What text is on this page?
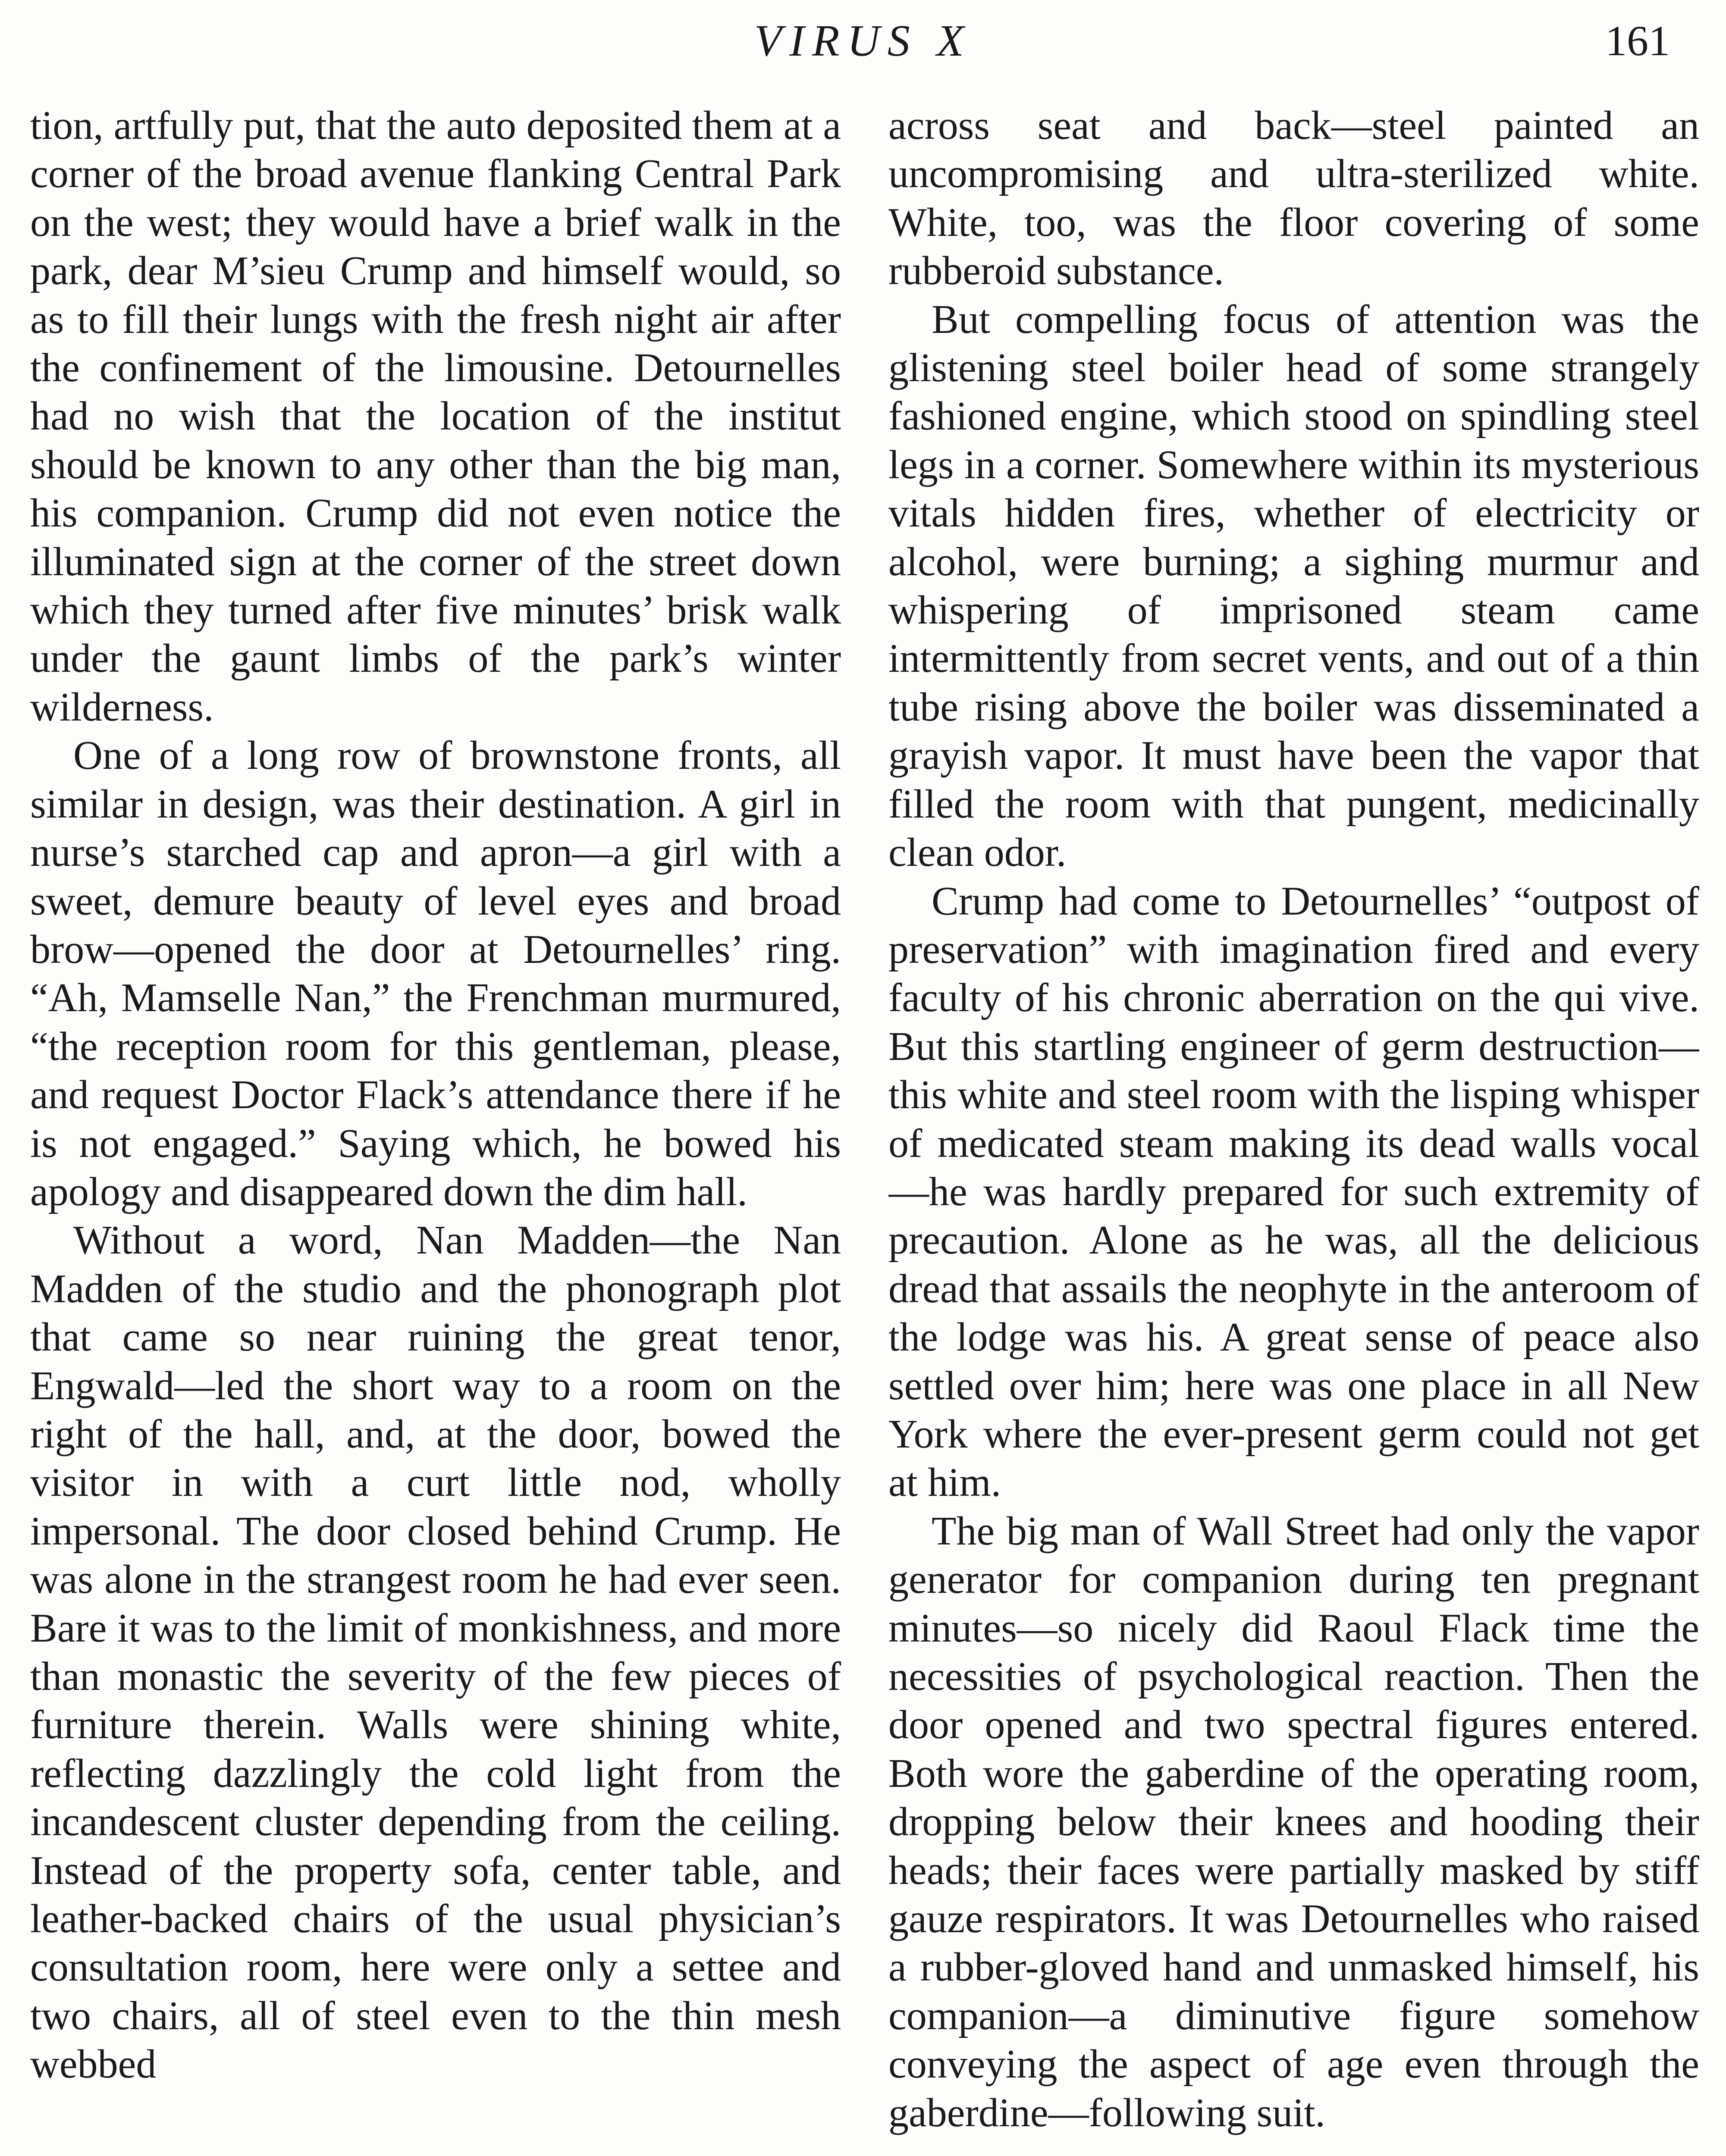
VIRUS X	161

tion, artfully put, that the auto deposited them at a corner of the broad avenue flanking Central Park on the west; they would have a brief walk in the park, dear M’sieu Crump and himself would, so as to fill their lungs with the fresh night air after the confinement of the limousine. Detournelles had no wish that the location of the institut should be known to any other than the big man, his companion. Crump did not even notice the illuminated sign at the corner of the street down which they turned after five minutes’ brisk walk under the gaunt limbs of the park’s winter wilderness.

One of a long row of brownstone fronts, all similar in design, was their destination. A girl in nurse’s starched cap and apron—a girl with a sweet, demure beauty of level eyes and broad brow—opened the door at Detournelles’ ring. “Ah, Mamselle Nan,” the Frenchman murmured, “the reception room for this gentleman, please, and request Doctor Flack’s attendance there if he is not engaged.” Saying which, he bowed his apology and disappeared down the dim hall.

Without a word, Nan Madden—the Nan Madden of the studio and the phonograph plot that came so near ruining the great tenor, Engwald—led the short way to a room on the right of the hall, and, at the door, bowed the visitor in with a curt little nod, wholly impersonal. The door closed behind Crump. He was alone in the strangest room he had ever seen. Bare it was to the limit of monkishness, and more than monastic the severity of the few pieces of furniture therein. Walls were shining white, reflecting dazzlingly the cold light from the incandescent cluster depending from the ceiling. Instead of the property sofa, center table, and leather-backed chairs of the usual physician’s consultation room, here were only a settee and two chairs, all of steel even to the thin mesh webbed

across seat and back—steel painted an uncompromising and ultra-sterilized white. White, too, was the floor covering of some rubberoid substance.

But compelling focus of attention was the glistening steel boiler head of some strangely fashioned engine, which stood on spindling steel legs in a corner. Somewhere within its mysterious vitals hidden fires, whether of electricity or alcohol, were burning; a sighing murmur and whispering of imprisoned steam came intermittently from secret vents, and out of a thin tube rising above the boiler was disseminated a grayish vapor. It must have been the vapor that filled the room with that pungent, medicinally clean odor.

Crump had come to Detournelles’ “outpost of preservation” with imagination fired and every faculty of his chronic aberration on the qui vive. But this startling engineer of germ destruction—this white and steel room with the lisping whisper of medicated steam making its dead walls vocal—he was hardly prepared for such extremity of precaution. Alone as he was, all the delicious dread that assails the neophyte in the anteroom of the lodge was his. A great sense of peace also settled over him; here was one place in all New York where the ever-present germ could not get at him.

The big man of Wall Street had only the vapor generator for companion during ten pregnant minutes—so nicely did Raoul Flack time the necessities of psychological reaction. Then the door opened and two spectral figures entered. Both wore the gaberdine of the operating room, dropping below their knees and hooding their heads; their faces were partially masked by stiff gauze respirators. It was Detournelles who raised a rubber-gloved hand and unmasked himself, his companion—a diminutive figure somehow conveying the aspect of age even through the gaberdine—following suit.
